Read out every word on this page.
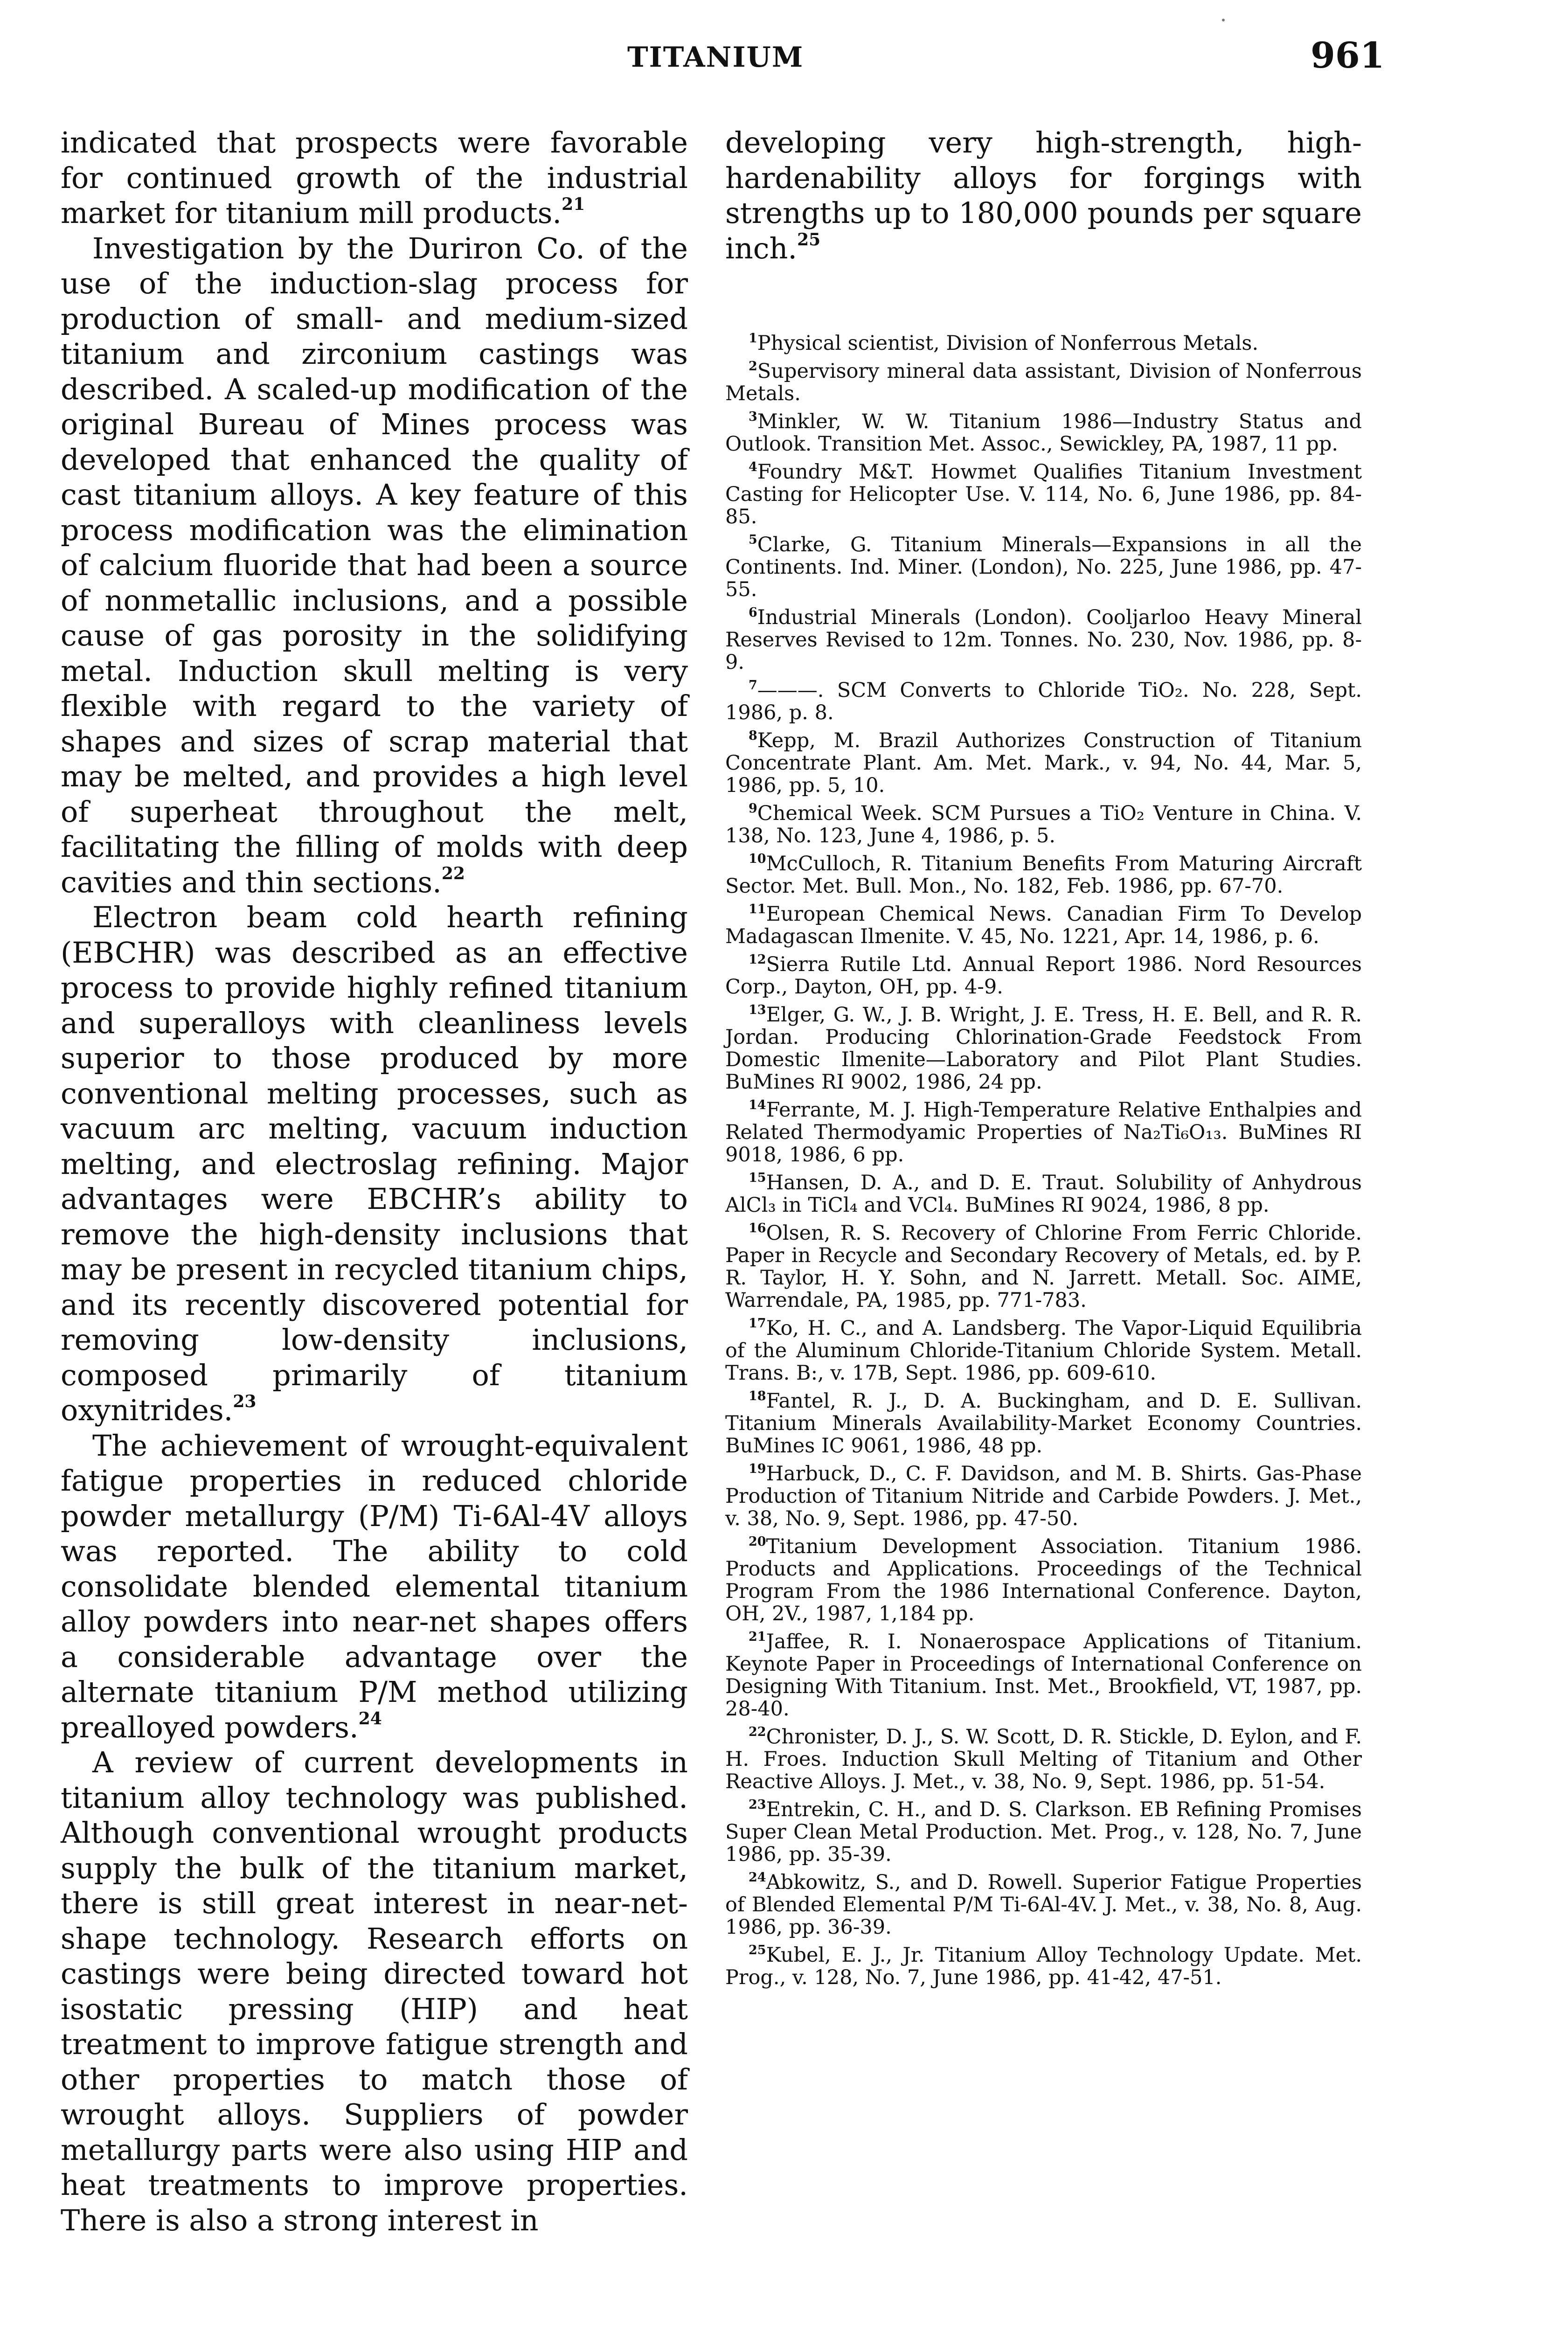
TITANIUM	961

indicated that prospects were favorable for continued growth of the industrial market for titanium mill products.$^{21}$

Investigation by the Duriron Co. of the use of the induction-slag process for production of small- and medium-sized titanium and zirconium castings was described. A scaled-up modification of the original Bureau of Mines process was developed that enhanced the quality of cast titanium alloys. A key feature of this process modification was the elimination of calcium fluoride that had been a source of nonmetallic inclusions, and a possible cause of gas porosity in the solidifying metal. Induction skull melting is very flexible with regard to the variety of shapes and sizes of scrap material that may be melted, and provides a high level of superheat throughout the melt, facilitating the filling of molds with deep cavities and thin sections.$^{22}$

Electron beam cold hearth refining (EBCHR) was described as an effective process to provide highly refined titanium and superalloys with cleanliness levels superior to those produced by more conventional melting processes, such as vacuum arc melting, vacuum induction melting, and electroslag refining. Major advantages were EBCHR’s ability to remove the high-density inclusions that may be present in recycled titanium chips, and its recently discovered potential for removing low-density inclusions, composed primarily of titanium oxynitrides.$^{23}$

The achievement of wrought-equivalent fatigue properties in reduced chloride powder metallurgy (P/M) Ti-6Al-4V alloys was reported. The ability to cold consolidate blended elemental titanium alloy powders into near-net shapes offers a considerable advantage over the alternate titanium P/M method utilizing prealloyed powders.$^{24}$

A review of current developments in titanium alloy technology was published. Although conventional wrought products supply the bulk of the titanium market, there is still great interest in near-net-shape technology. Research efforts on castings were being directed toward hot isostatic pressing (HIP) and heat treatment to improve fatigue strength and other properties to match those of wrought alloys. Suppliers of powder metallurgy parts were also using HIP and heat treatments to improve properties. There is also a strong interest in

developing very high-strength, high-hardenability alloys for forgings with strengths up to 180,000 pounds per square inch.$^{25}$

$^1$Physical scientist, Division of Nonferrous Metals.

$^2$Supervisory mineral data assistant, Division of Nonferrous Metals.

$^3$Minkler, W. W. Titanium 1986—Industry Status and Outlook. Transition Met. Assoc., Sewickley, PA, 1987, 11 pp.

$^4$Foundry M&T. Howmet Qualifies Titanium Investment Casting for Helicopter Use. V. 114, No. 6, June 1986, pp. 84-85.

$^5$Clarke, G. Titanium Minerals—Expansions in all the Continents. Ind. Miner. (London), No. 225, June 1986, pp. 47-55.

$^6$Industrial Minerals (London). Cooljarloo Heavy Mineral Reserves Revised to 12m. Tonnes. No. 230, Nov. 1986, pp. 8-9.

$^7$———. SCM Converts to Chloride TiO₂. No. 228, Sept. 1986, p. 8.

$^8$Kepp, M. Brazil Authorizes Construction of Titanium Concentrate Plant. Am. Met. Mark., v. 94, No. 44, Mar. 5, 1986, pp. 5, 10.

$^9$Chemical Week. SCM Pursues a TiO₂ Venture in China. V. 138, No. 123, June 4, 1986, p. 5.

$^{10}$McCulloch, R. Titanium Benefits From Maturing Aircraft Sector. Met. Bull. Mon., No. 182, Feb. 1986, pp. 67-70.

$^{11}$European Chemical News. Canadian Firm To Develop Madagascan Ilmenite. V. 45, No. 1221, Apr. 14, 1986, p. 6.

$^{12}$Sierra Rutile Ltd. Annual Report 1986. Nord Resources Corp., Dayton, OH, pp. 4-9.

$^{13}$Elger, G. W., J. B. Wright, J. E. Tress, H. E. Bell, and R. R. Jordan. Producing Chlorination-Grade Feedstock From Domestic Ilmenite—Laboratory and Pilot Plant Studies. BuMines RI 9002, 1986, 24 pp.

$^{14}$Ferrante, M. J. High-Temperature Relative Enthalpies and Related Thermodyamic Properties of Na₂Ti₆O₁₃. BuMines RI 9018, 1986, 6 pp.

$^{15}$Hansen, D. A., and D. E. Traut. Solubility of Anhydrous AlCl₃ in TiCl₄ and VCl₄. BuMines RI 9024, 1986, 8 pp.

$^{16}$Olsen, R. S. Recovery of Chlorine From Ferric Chloride. Paper in Recycle and Secondary Recovery of Metals, ed. by P. R. Taylor, H. Y. Sohn, and N. Jarrett. Metall. Soc. AIME, Warrendale, PA, 1985, pp. 771-783.

$^{17}$Ko, H. C., and A. Landsberg. The Vapor-Liquid Equilibria of the Aluminum Chloride-Titanium Chloride System. Metall. Trans. B:, v. 17B, Sept. 1986, pp. 609-610.

$^{18}$Fantel, R. J., D. A. Buckingham, and D. E. Sullivan. Titanium Minerals Availability-Market Economy Countries. BuMines IC 9061, 1986, 48 pp.

$^{19}$Harbuck, D., C. F. Davidson, and M. B. Shirts. Gas-Phase Production of Titanium Nitride and Carbide Powders. J. Met., v. 38, No. 9, Sept. 1986, pp. 47-50.

$^{20}$Titanium Development Association. Titanium 1986. Products and Applications. Proceedings of the Technical Program From the 1986 International Conference. Dayton, OH, 2V., 1987, 1,184 pp.

$^{21}$Jaffee, R. I. Nonaerospace Applications of Titanium. Keynote Paper in Proceedings of International Conference on Designing With Titanium. Inst. Met., Brookfield, VT, 1987, pp. 28-40.

$^{22}$Chronister, D. J., S. W. Scott, D. R. Stickle, D. Eylon, and F. H. Froes. Induction Skull Melting of Titanium and Other Reactive Alloys. J. Met., v. 38, No. 9, Sept. 1986, pp. 51-54.

$^{23}$Entrekin, C. H., and D. S. Clarkson. EB Refining Promises Super Clean Metal Production. Met. Prog., v. 128, No. 7, June 1986, pp. 35-39.

$^{24}$Abkowitz, S., and D. Rowell. Superior Fatigue Properties of Blended Elemental P/M Ti-6Al-4V. J. Met., v. 38, No. 8, Aug. 1986, pp. 36-39.

$^{25}$Kubel, E. J., Jr. Titanium Alloy Technology Update. Met. Prog., v. 128, No. 7, June 1986, pp. 41-42, 47-51.
